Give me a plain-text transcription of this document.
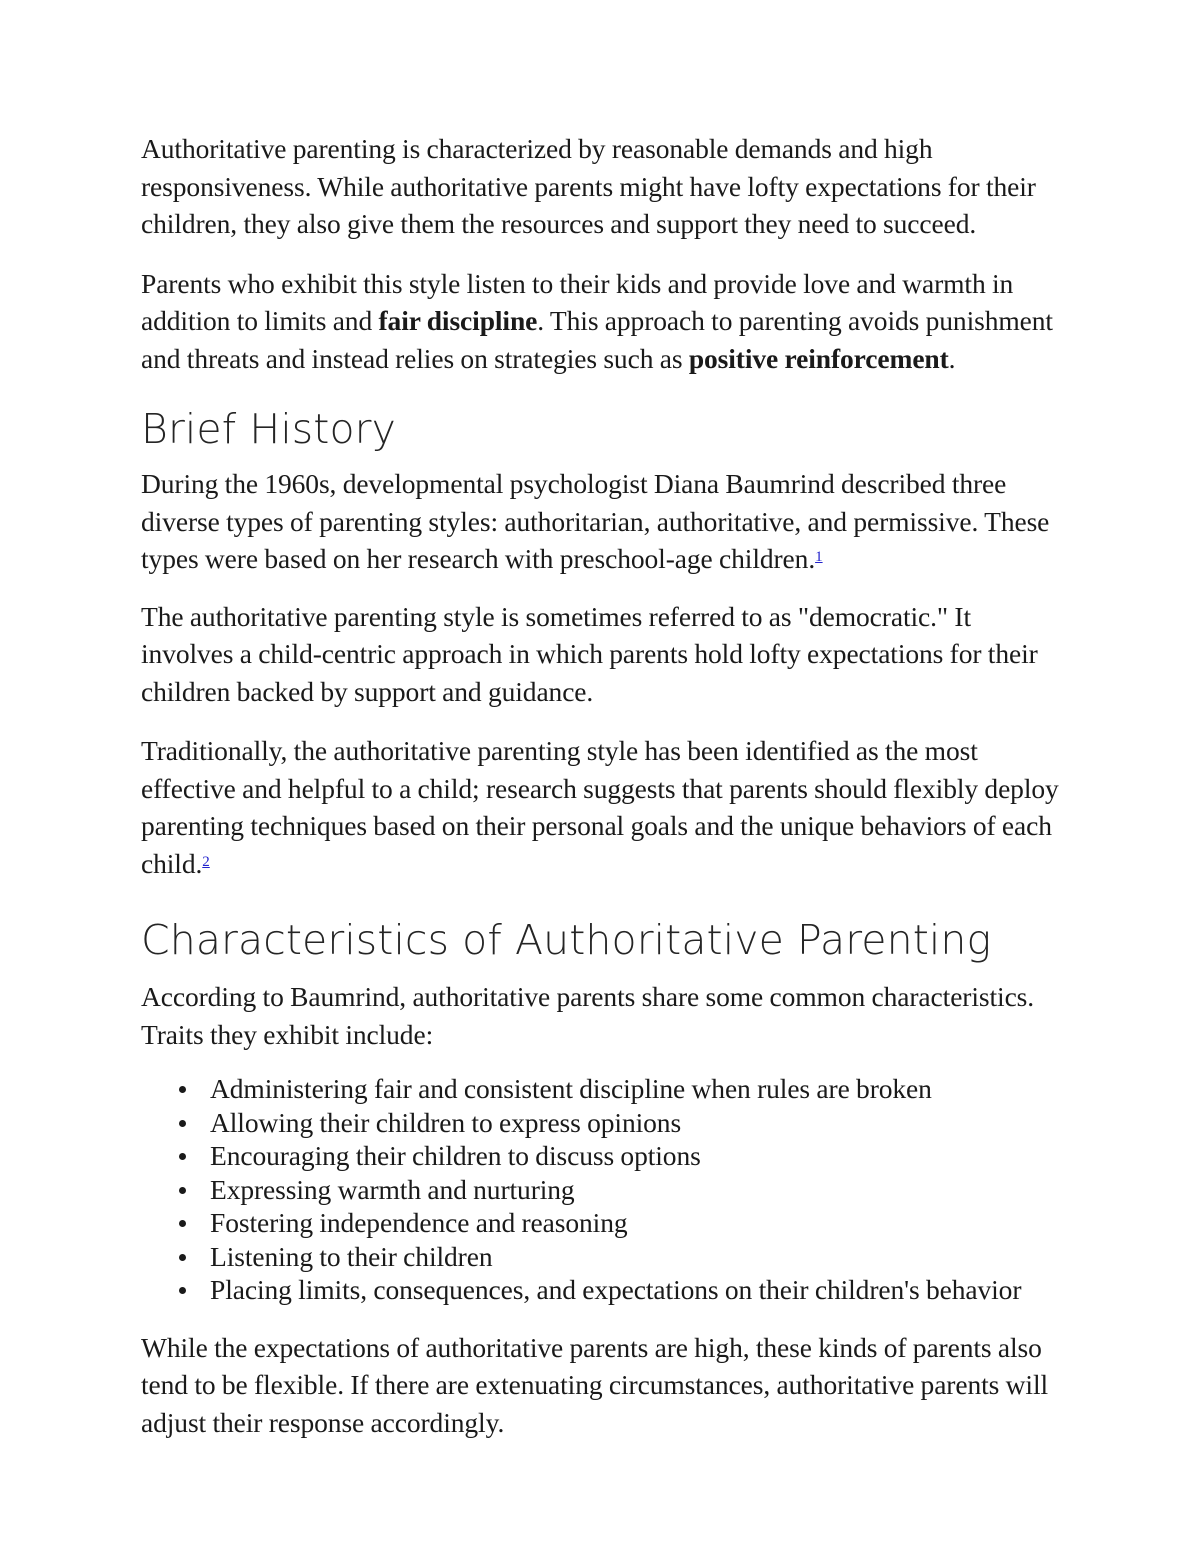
Authoritative parenting is characterized by reasonable demands and high responsiveness. While authoritative parents might have lofty expectations for their children, they also give them the resources and support they need to succeed.

Parents who exhibit this style listen to their kids and provide love and warmth in addition to limits and fair discipline. This approach to parenting avoids punishment and threats and instead relies on strategies such as positive reinforcement.

Brief History

During the 1960s, developmental psychologist Diana Baumrind described three diverse types of parenting styles: authoritarian, authoritative, and permissive. These types were based on her research with preschool-age children.$^1$

The authoritative parenting style is sometimes referred to as "democratic." It involves a child-centric approach in which parents hold lofty expectations for their children backed by support and guidance.

Traditionally, the authoritative parenting style has been identified as the most effective and helpful to a child; research suggests that parents should flexibly deploy parenting techniques based on their personal goals and the unique behaviors of each child.$^2$

Characteristics of Authoritative Parenting

According to Baumrind, authoritative parents share some common characteristics. Traits they exhibit include:

Administering fair and consistent discipline when rules are broken
Allowing their children to express opinions
Encouraging their children to discuss options
Expressing warmth and nurturing
Fostering independence and reasoning
Listening to their children
Placing limits, consequences, and expectations on their children's behavior

While the expectations of authoritative parents are high, these kinds of parents also tend to be flexible. If there are extenuating circumstances, authoritative parents will adjust their response accordingly.
